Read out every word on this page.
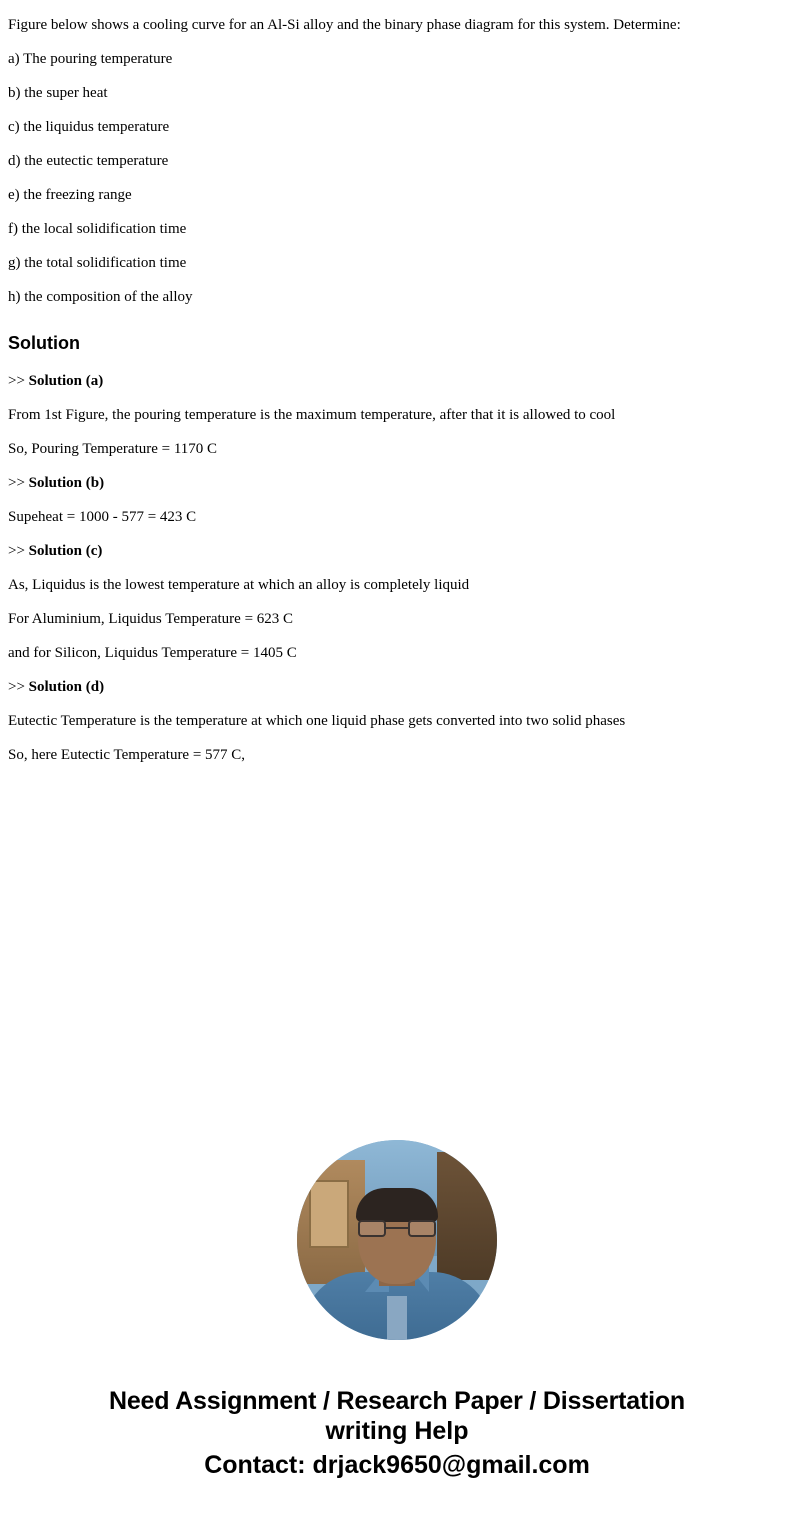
Figure below shows a cooling curve for an Al-Si alloy and the binary phase diagram for this system. Determine:
a) The pouring temperature
b) the super heat
c) the liquidus temperature
d) the eutectic temperature
e) the freezing range
f) the local solidification time
g) the total solidification time
h) the composition of the alloy
Solution
>> Solution (a)
From 1st Figure, the pouring temperature is the maximum temperature, after that it is allowed to cool
So, Pouring Temperature = 1170 C
>> Solution (b)
Supeheat = 1000 - 577 = 423 C
>> Solution (c)
As, Liquidus is the lowest temperature at which an alloy is completely liquid
For Aluminium, Liquidus Temperature = 623 C
and for Silicon, Liquidus Temperature = 1405 C
>> Solution (d)
Eutectic Temperature is the temperature at which one liquid phase gets converted into two solid phases
So, here Eutectic Temperature = 577 C,
Need Assignment / Research Paper / Dissertation
writing Help
Contact: drjack9650@gmail.com
